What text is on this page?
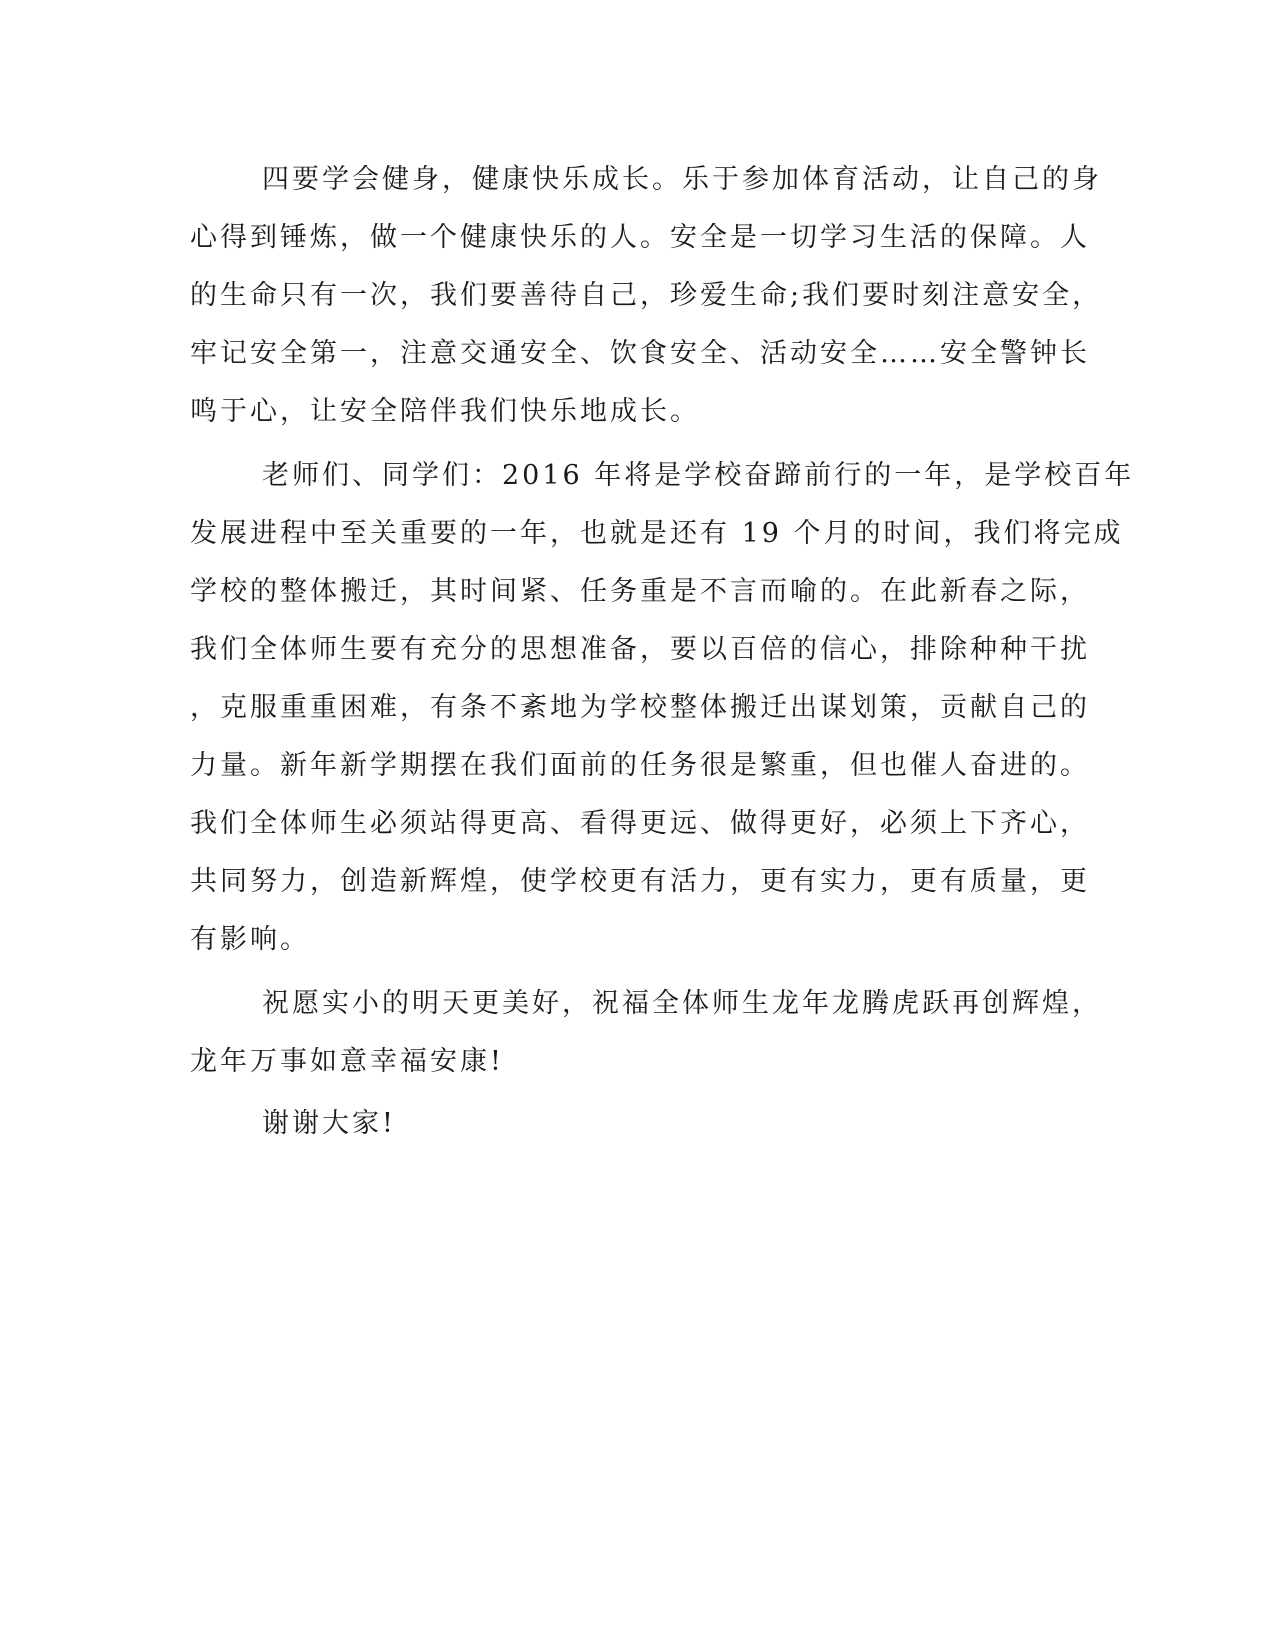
四要学会健身，健康快乐成长。乐于参加体育活动，让自己的身
心得到锤炼，做一个健康快乐的人。安全是一切学习生活的保障。人
的生命只有一次，我们要善待自己，珍爱生命;我们要时刻注意安全，
牢记安全第一，注意交通安全、饮食安全、活动安全……安全警钟长
鸣于心，让安全陪伴我们快乐地成长。
老师们、同学们：2016 年将是学校奋蹄前行的一年，是学校百年
发展进程中至关重要的一年，也就是还有 19 个月的时间，我们将完成
学校的整体搬迁，其时间紧、任务重是不言而喻的。在此新春之际，
我们全体师生要有充分的思想准备，要以百倍的信心，排除种种干扰
，克服重重困难，有条不紊地为学校整体搬迁出谋划策，贡献自己的
力量。新年新学期摆在我们面前的任务很是繁重，但也催人奋进的。
我们全体师生必须站得更高、看得更远、做得更好，必须上下齐心，
共同努力，创造新辉煌，使学校更有活力，更有实力，更有质量，更
有影响。
祝愿实小的明天更美好，祝福全体师生龙年龙腾虎跃再创辉煌，
龙年万事如意幸福安康!
谢谢大家!
